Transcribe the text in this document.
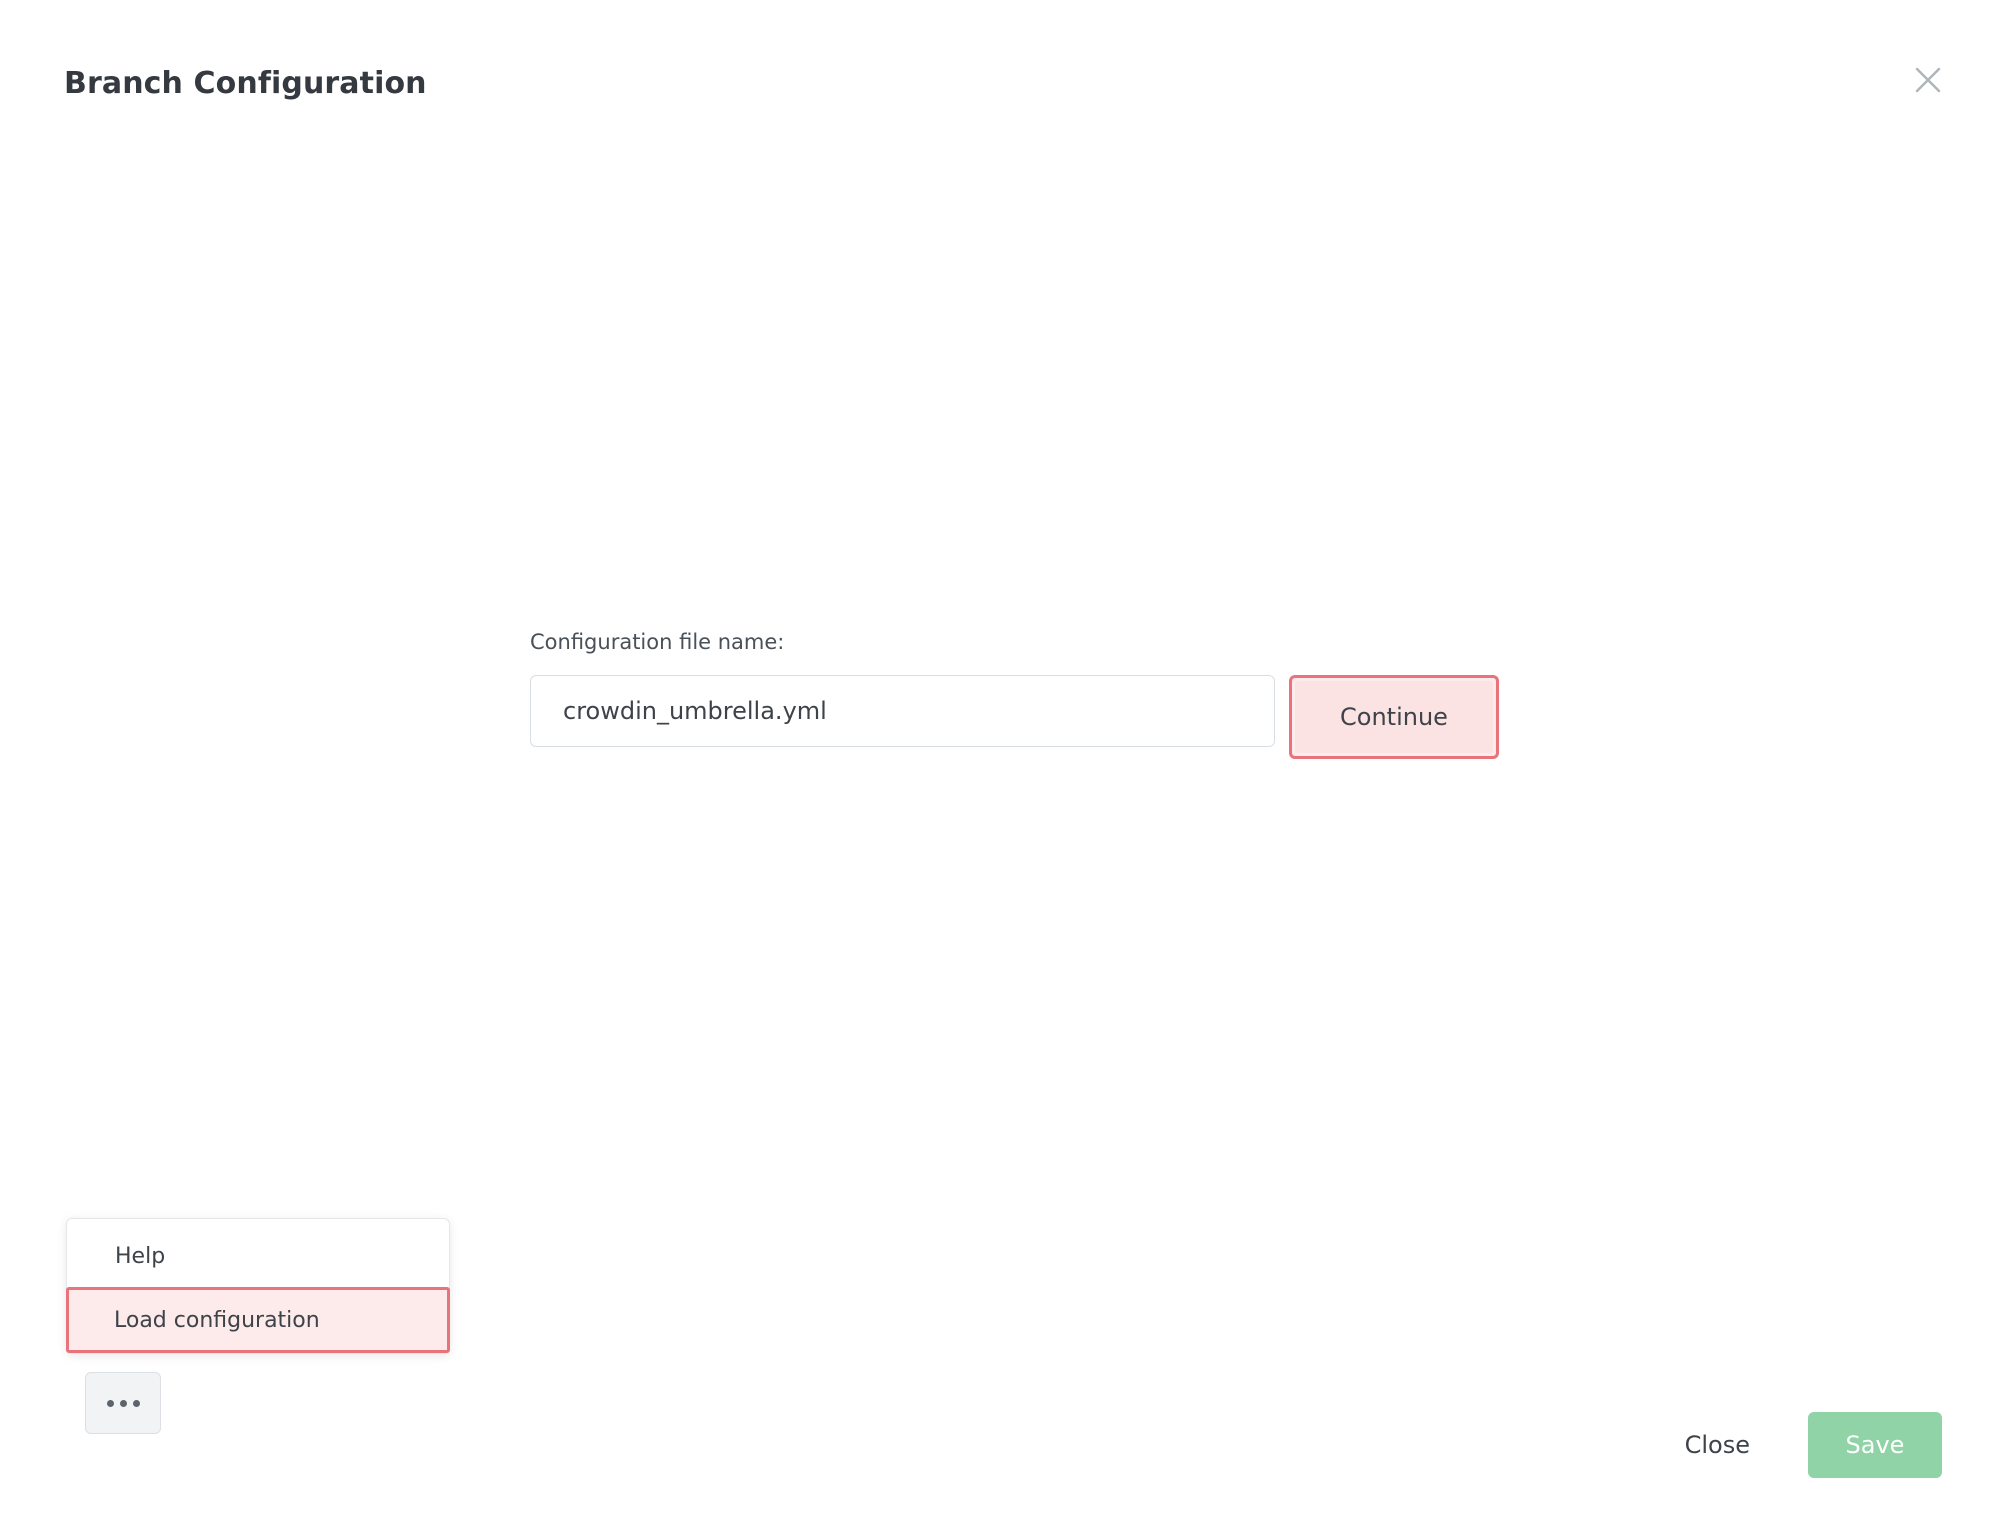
Branch Configuration
Configuration file name:
crowdin_umbrella.yml
Continue
Help
Load configuration
Close	Save
